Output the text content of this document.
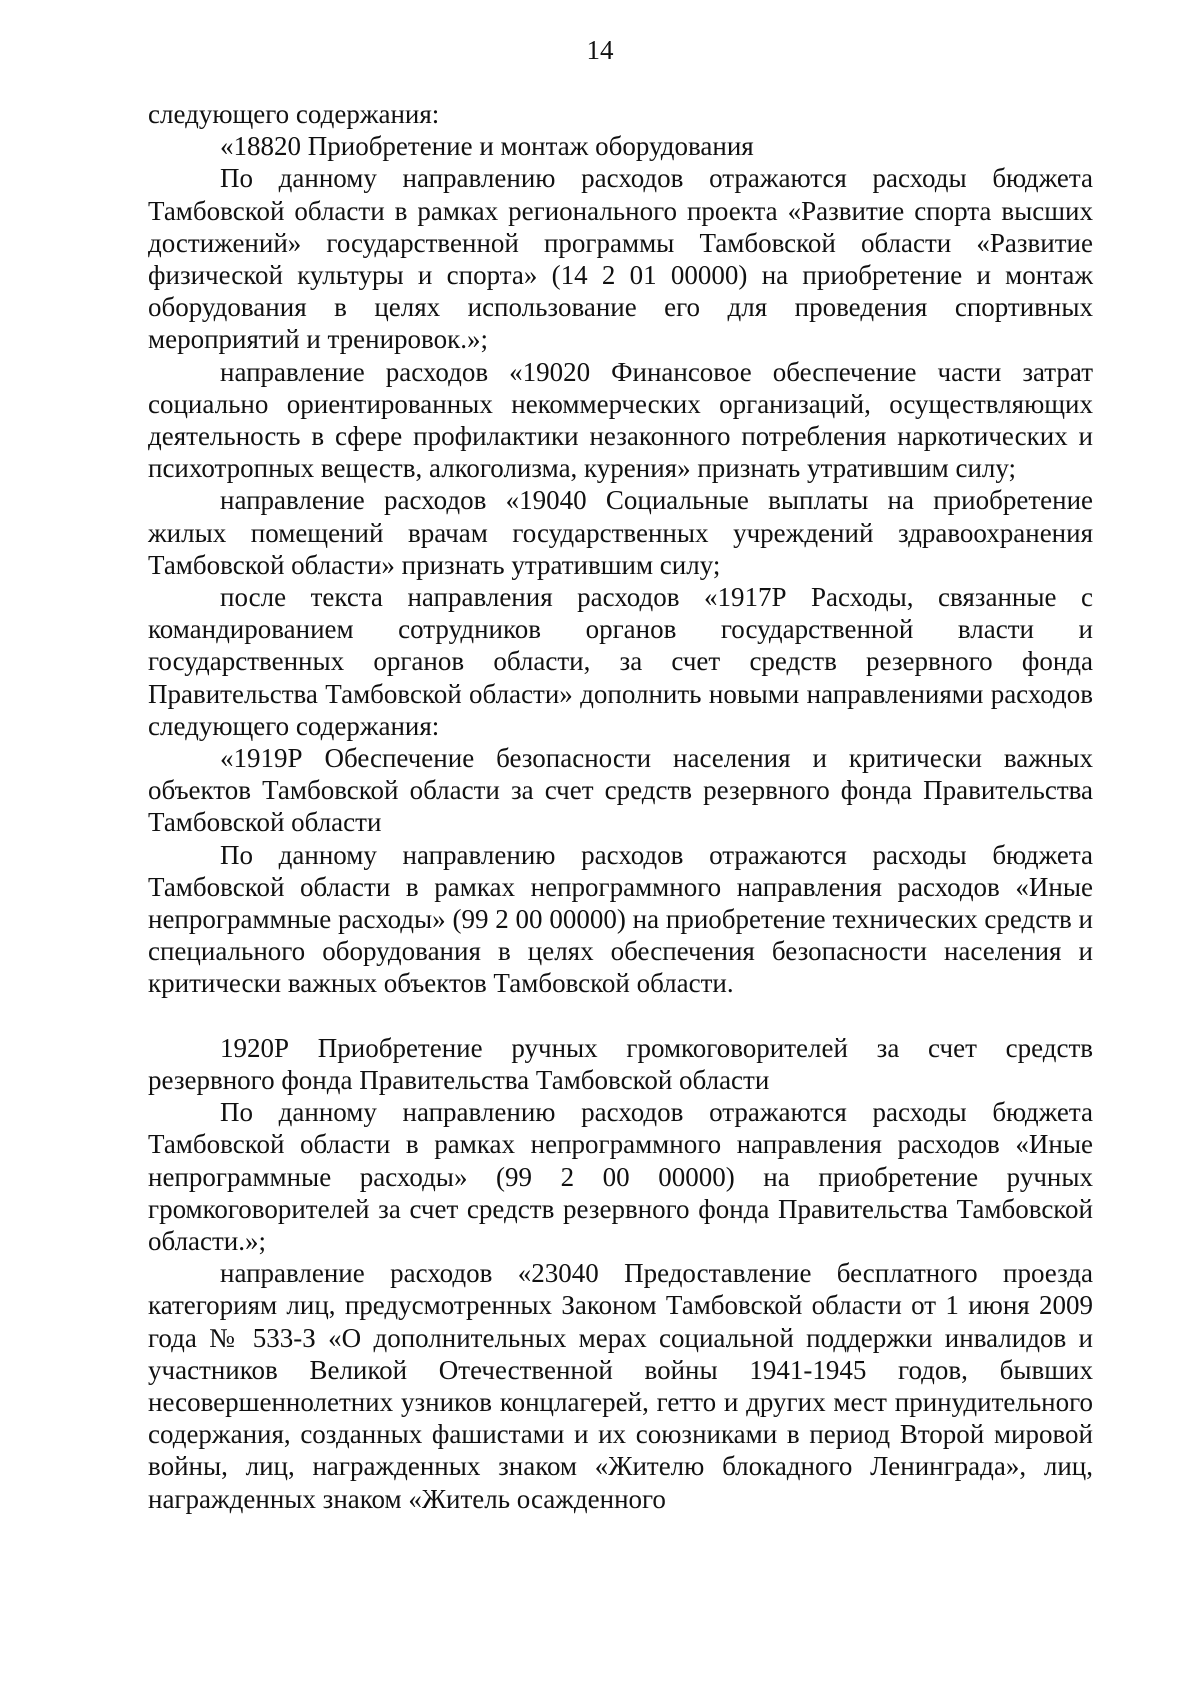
14

следующего содержания:

«18820 Приобретение и монтаж оборудования

По данному направлению расходов отражаются расходы бюджета Тамбовской области в рамках регионального проекта «Развитие спорта высших достижений» государственной программы Тамбовской области «Развитие физической культуры и спорта» (14 2 01 00000) на приобретение и монтаж оборудования в целях использование его для проведения спортивных мероприятий и тренировок.»;

направление расходов «19020 Финансовое обеспечение части затрат социально ориентированных некоммерческих организаций, осуществляющих деятельность в сфере профилактики незаконного потребления наркотических и психотропных веществ, алкоголизма, курения» признать утратившим силу;

направление расходов «19040 Социальные выплаты на приобретение жилых помещений врачам государственных учреждений здравоохранения Тамбовской области» признать утратившим силу;

после текста направления расходов «1917Р Расходы, связанные с командированием сотрудников органов государственной власти и государственных органов области, за счет средств резервного фонда Правительства Тамбовской области» дополнить новыми направлениями расходов следующего содержания:

«1919Р Обеспечение безопасности населения и критически важных объектов Тамбовской области за счет средств резервного фонда Правительства Тамбовской области

По данному направлению расходов отражаются расходы бюджета Тамбовской области в рамках непрограммного направления расходов «Иные непрограммные расходы» (99 2 00 00000) на приобретение технических средств и специального оборудования в целях обеспечения безопасности населения и критически важных объектов Тамбовской области.

1920Р Приобретение ручных громкоговорителей за счет средств резервного фонда Правительства Тамбовской области

По данному направлению расходов отражаются расходы бюджета Тамбовской области в рамках непрограммного направления расходов «Иные непрограммные расходы» (99 2 00 00000) на приобретение ручных громкоговорителей за счет средств резервного фонда Правительства Тамбовской области.»;

направление расходов «23040 Предоставление бесплатного проезда категориям лиц, предусмотренных Законом Тамбовской области от 1 июня 2009 года № 533-З «О дополнительных мерах социальной поддержки инвалидов и участников Великой Отечественной войны 1941-1945 годов, бывших несовершеннолетних узников концлагерей, гетто и других мест принудительного содержания, созданных фашистами и их союзниками в период Второй мировой войны, лиц, награжденных знаком «Жителю блокадного Ленинграда», лиц, награжденных знаком «Житель осажденного
